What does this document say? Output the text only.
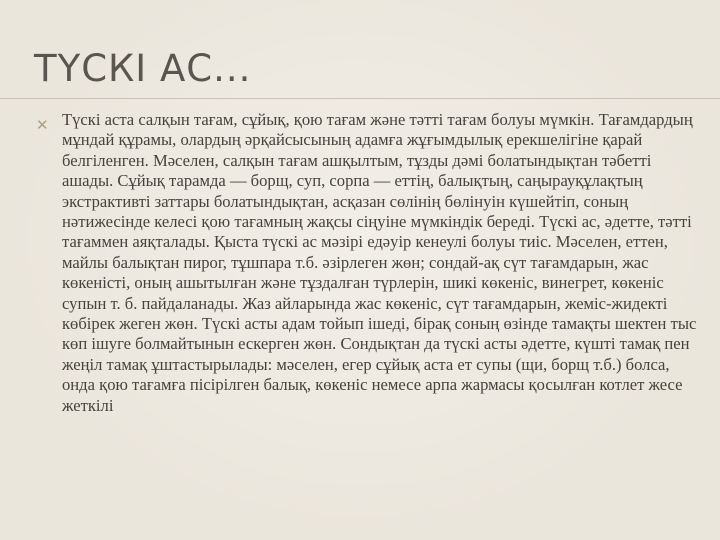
ТҮСКІ АС...
✕ Түскі аста салқын тағам, сұйық, қою тағам және тәтті тағам болуы мүмкін. Тағамдардың мұндай құрамы, олардың әрқайсысының адамға жұғымдылық ерекшелігіне қарай белгіленген. Мәселен, салқын тағам ашқылтым, тұзды дәмі болатындықтан тәбетті ашады. Сұйық тарамда — борщ, суп, сорпа — еттің, балықтың, саңырауқұлақтың экстрактивті заттары болатындықтан, асқазан сөлінің бөлінуін күшейтіп, соның нәтижесінде келесі қою тағамның жақсы сіңуіне мүмкіндік береді. Түскі ас, әдетте, тәтті тағаммен аяқталады. Қыста түскі ас мәзірі едәуір кенеулі болуы тиіс. Мәселен, еттен, майлы балықтан пирог, тұшпара т.б. әзірлеген жөн; сондай-ақ сүт тағамдарын, жас көкеністі, оның ашытылған және тұздалған түрлерін, шикі көкеніс, винегрет, көкеніс супын т. б. пайдаланады. Жаз айларында жас көкеніс, сүт тағамдарын, жеміс-жидекті көбірек жеген жөн. Түскі асты адам тойып ішеді, бірақ соның өзінде тамақты шектен тыс көп ішуге болмайтынын ескерген жөн. Сондықтан да түскі асты әдетте, күшті тамақ пен жеңіл тамақ ұштастырылады: мәселен, егер сұйық аста ет супы (щи, борщ т.б.) болса, онда қою тағамға пісірілген балық, көкеніс немесе арпа жармасы қосылған котлет жесе жеткілі
